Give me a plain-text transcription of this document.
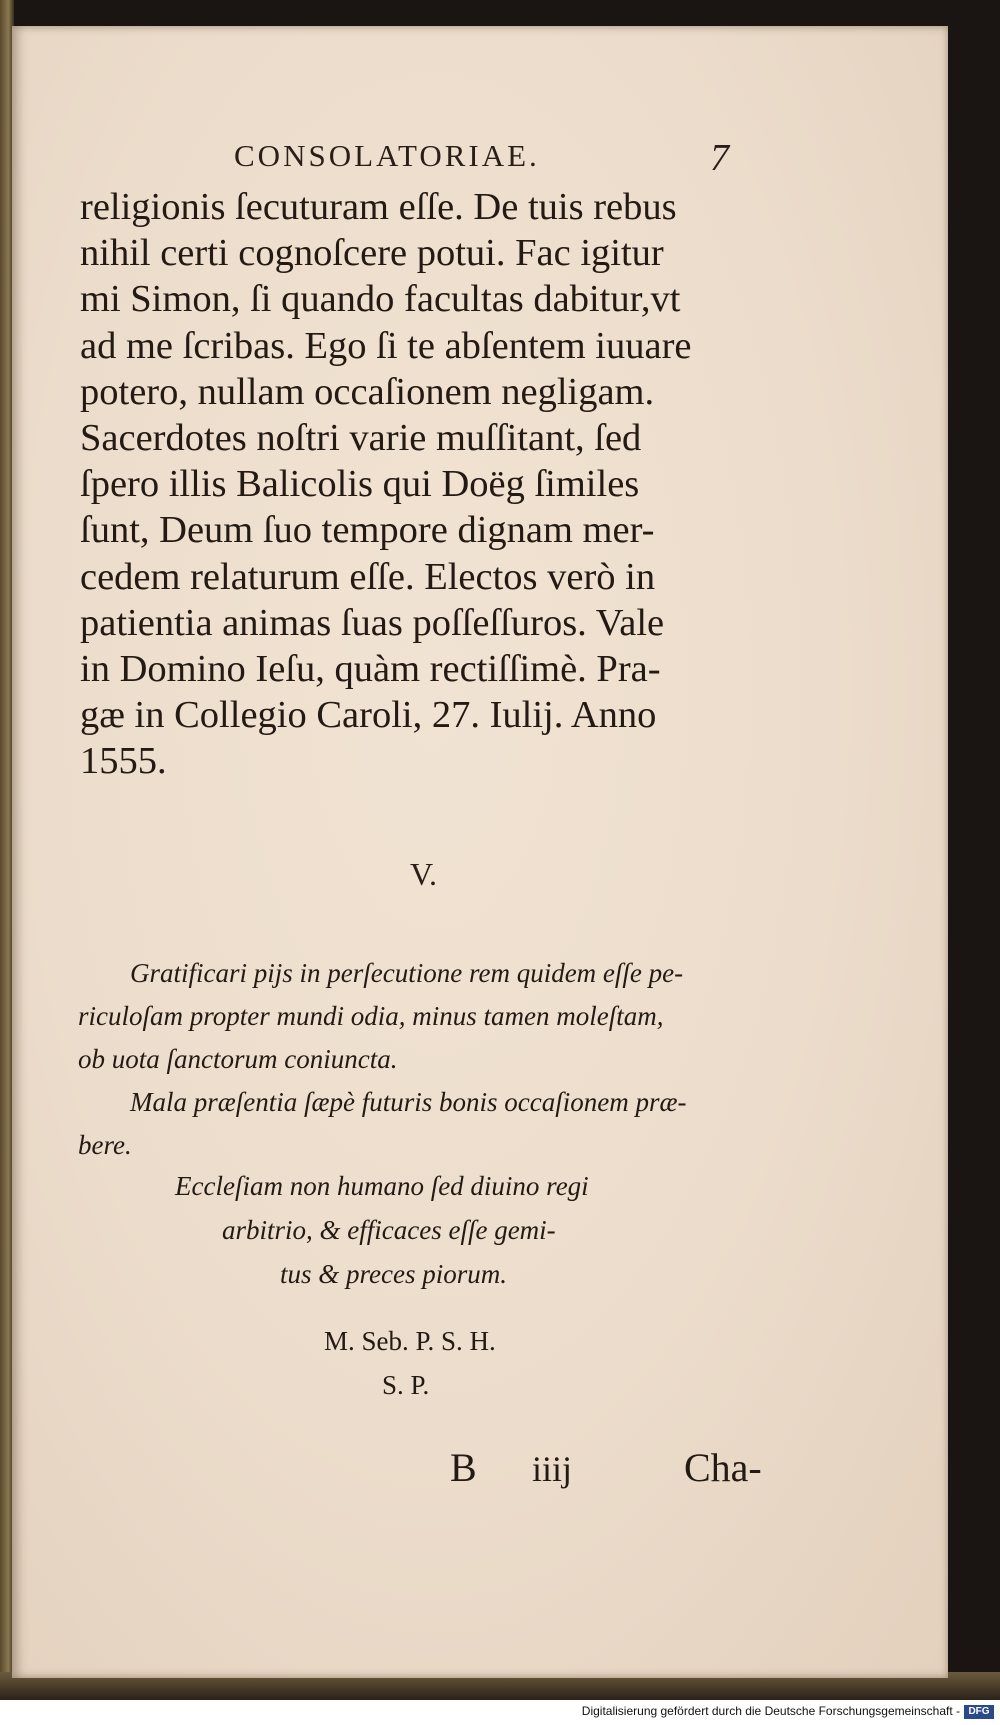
CONSOLATORIAE.	7
religionis ſecuturam eſſe. De tuis rebus
nihil certi cognoſcere potui. Fac igitur
mi Simon, ſi quando facultas dabitur,vt
ad me ſcribas. Ego ſi te abſentem iuuare
potero, nullam occaſionem negligam.
Sacerdotes noſtri varie muſſitant, ſed
ſpero illis Balicolis qui Doëg ſimiles
ſunt, Deum ſuo tempore dignam mer-
cedem relaturum eſſe. Electos verò in
patientia animas ſuas poſſeſſuros. Vale
in Domino Ieſu, quàm rectiſſimè. Pra-
gæ in Collegio Caroli, 27. Iulij. Anno
1555.
V.
Gratificari pijs in perſecutione rem quidem eſſe pe-
riculoſam propter mundi odia, minus tamen moleſtam,
ob uota ſanctorum coniuncta.
Mala præſentia ſæpè futuris bonis occaſionem præ-
bere.
Eccleſiam non humano ſed diuino regi
arbitrio, & efficaces eſſe gemi-
tus & preces piorum.
M. Seb. P. S. H.
S. P.
B iiij	Cha-
Digitalisierung gefördert durch die Deutsche Forschungsgemeinschaft - DFG
